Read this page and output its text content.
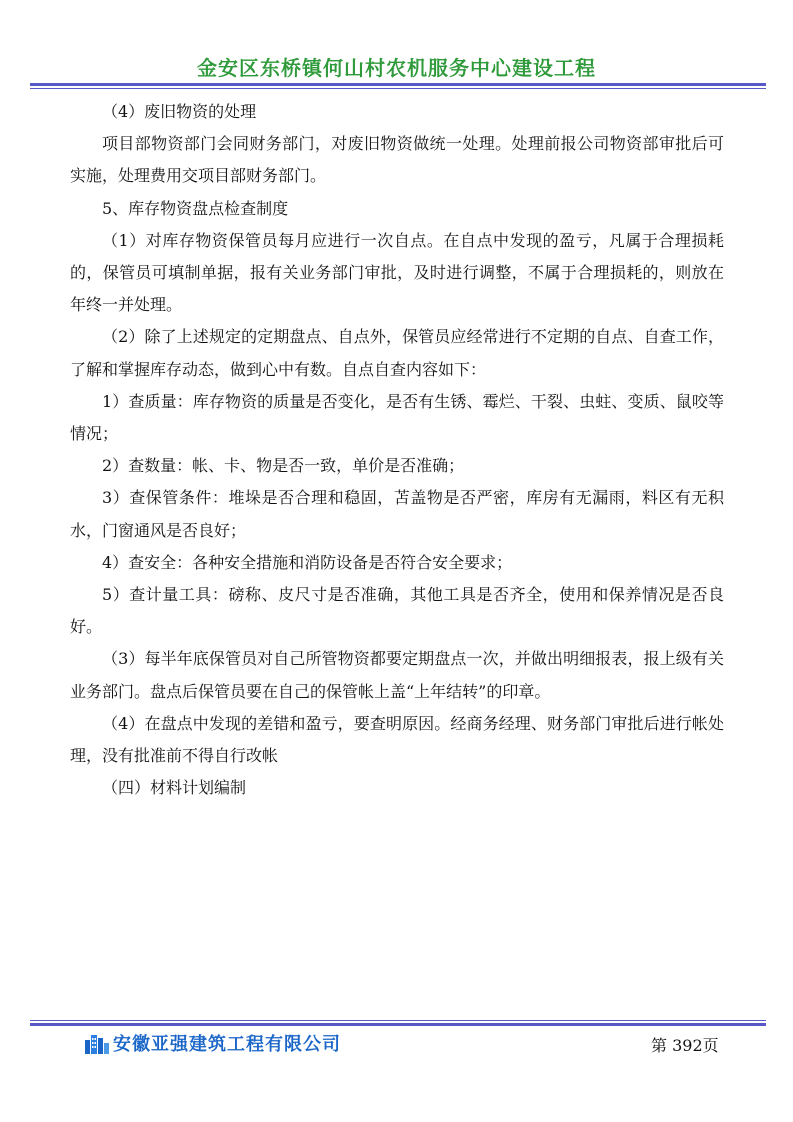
金安区东桥镇何山村农机服务中心建设工程

（4）废旧物资的处理

项目部物资部门会同财务部门，对废旧物资做统一处理。处理前报公司物资部审批后可实施，处理费用交项目部财务部门。

5、库存物资盘点检查制度

（1）对库存物资保管员每月应进行一次自点。在自点中发现的盈亏，凡属于合理损耗的，保管员可填制单据，报有关业务部门审批，及时进行调整，不属于合理损耗的，则放在年终一并处理。

（2）除了上述规定的定期盘点、自点外，保管员应经常进行不定期的自点、自查工作，了解和掌握库存动态，做到心中有数。自点自查内容如下：

1）查质量：库存物资的质量是否变化，是否有生锈、霉烂、干裂、虫蛀、变质、鼠咬等情况；

2）查数量：帐、卡、物是否一致，单价是否准确；

3）查保管条件：堆垛是否合理和稳固，苫盖物是否严密，库房有无漏雨，料区有无积水，门窗通风是否良好；

4）查安全：各种安全措施和消防设备是否符合安全要求；

5）查计量工具：磅称、皮尺寸是否准确，其他工具是否齐全，使用和保养情况是否良好。

（3）每半年底保管员对自己所管物资都要定期盘点一次，并做出明细报表，报上级有关业务部门。盘点后保管员要在自己的保管帐上盖“上年结转”的印章。

（4）在盘点中发现的差错和盈亏，要查明原因。经商务经理、财务部门审批后进行帐处理，没有批准前不得自行改帐

（四）材料计划编制

安徽亚强建筑工程有限公司	第 392页
